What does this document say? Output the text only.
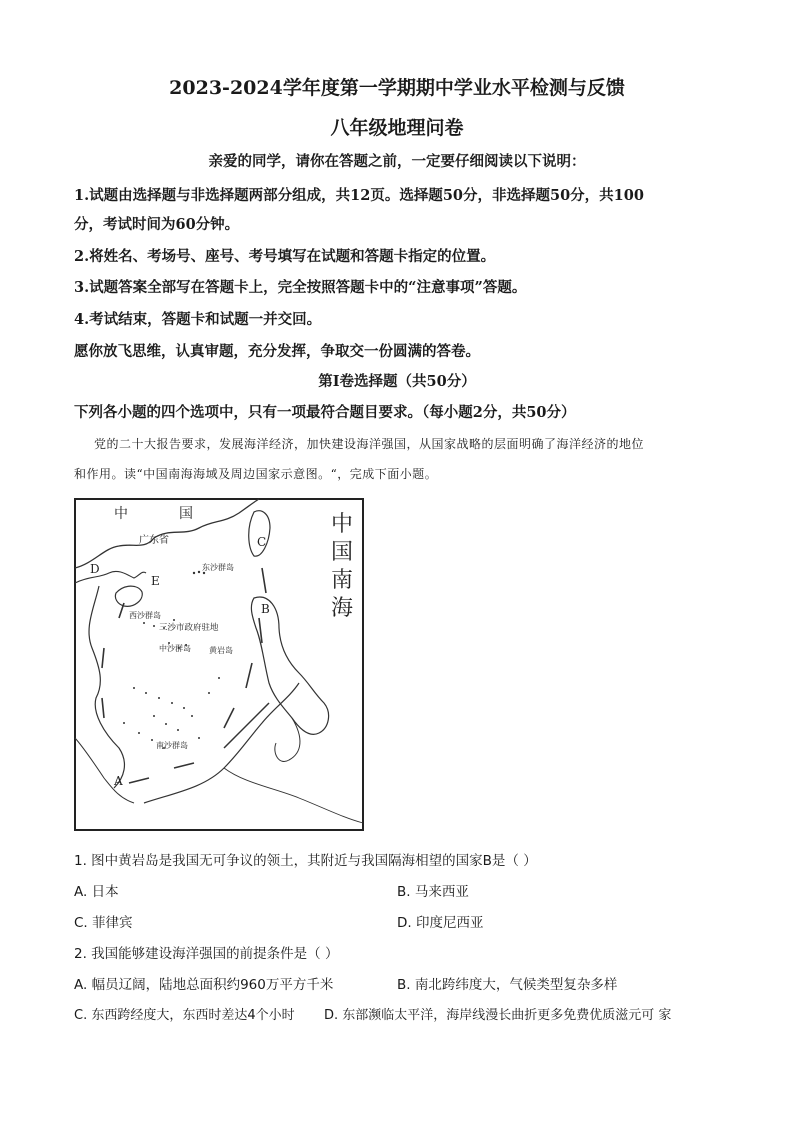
2023-2024学年度第一学期期中学业水平检测与反馈
八年级地理问卷
亲爱的同学，请你在答题之前，一定要仔细阅读以下说明：
1.试题由选择题与非选择题两部分组成，共12页。选择题50分，非选择题50分，共100
分，考试时间为60分钟。
2.将姓名、考场号、座号、考号填写在试题和答题卡指定的位置。
3.试题答案全部写在答题卡上，完全按照答题卡中的“注意事项”答题。
4.考试结束，答题卡和试题一并交回。
愿你放飞思维，认真审题，充分发挥，争取交一份圆满的答卷。
第Ⅰ卷选择题（共50分）
下列各小题的四个选项中，只有一项最符合题目要求。（每小题2分，共50分）
党的二十大报告要求，发展海洋经济，加快建设海洋强国，从国家战略的层面明确了海洋经济的地位
和作用。读“中国南海海域及周边国家示意图。“，完成下面小题。
中	国
广东省
东沙群岛
西沙群岛
三沙市政府驻地
中沙群岛 黄岩岛
南沙群岛
C
B
E
D
A
中
国
南
海
1. 图中黄岩岛是我国无可争议的领土，其附近与我国隔海相望的国家B是（ ）
A. 日本	B. 马来西亚
C. 菲律宾	D. 印度尼西亚
2. 我国能够建设海洋强国的前提条件是（ ）
A. 幅员辽阔，陆地总面积约960万平方千米	B. 南北跨纬度大，气候类型复杂多样
C. 东西跨经度大，东西时差达4个小时 D. 东部濒临太平洋，海岸线漫长曲折更多免费优质滋元可 家
